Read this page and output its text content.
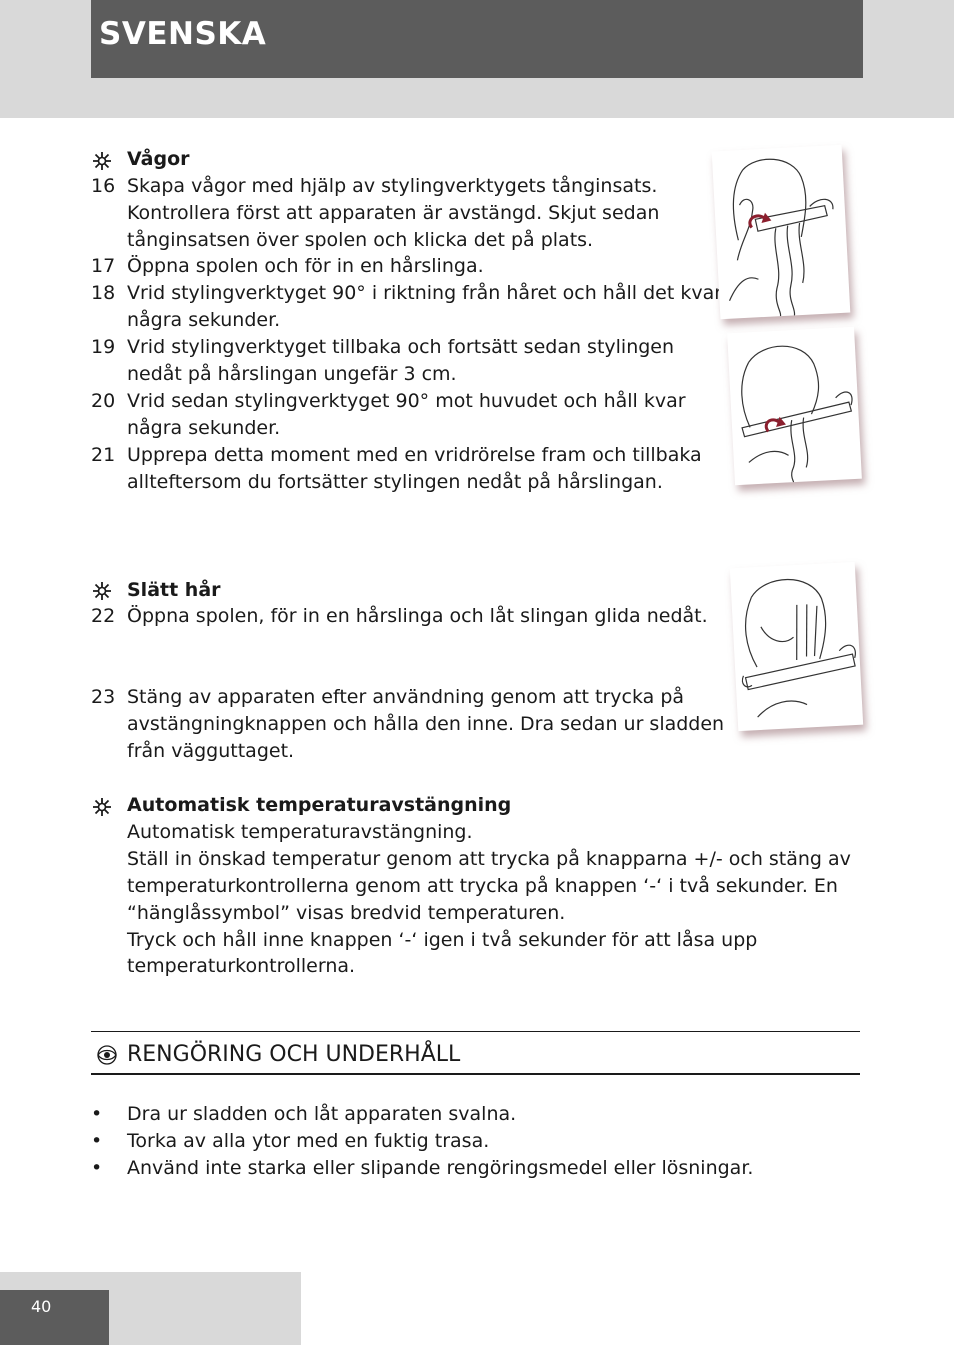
SVENSKA
Vågor
16 Skapa vågor med hjälp av stylingverktygets tånginsats.
Kontrollera först att apparaten är avstängd. Skjut sedan
tånginsatsen över spolen och klicka det på plats.
17 Öppna spolen och för in en hårslinga.
18 Vrid stylingverktyget 90° i riktning från håret och håll det kvar
några sekunder.
19 Vrid stylingverktyget tillbaka och fortsätt sedan stylingen
nedåt på hårslingan ungefär 3 cm.
20 Vrid sedan stylingverktyget 90° mot huvudet och håll kvar
några sekunder.
21 Upprepa detta moment med en vridrörelse fram och tillbaka
allteftersom du fortsätter stylingen nedåt på hårslingan.
Slätt hår
22 Öppna spolen, för in en hårslinga och låt slingan glida nedåt.
23 Stäng av apparaten efter användning genom att trycka på
avstängningknappen och hålla den inne. Dra sedan ur sladden
från vägguttaget.
Automatisk temperaturavstängning
Automatisk temperaturavstängning.
Ställ in önskad temperatur genom att trycka på knapparna +/- och stäng av
temperaturkontrollerna genom att trycka på knappen ‘-‘ i två sekunder. En
“hänglåssymbol” visas bredvid temperaturen.
Tryck och håll inne knappen ‘-‘ igen i två sekunder för att låsa upp
temperaturkontrollerna.
RENGÖRING OCH UNDERHÅLL
• Dra ur sladden och låt apparaten svalna.
• Torka av alla ytor med en fuktig trasa.
• Använd inte starka eller slipande rengöringsmedel eller lösningar.
40
